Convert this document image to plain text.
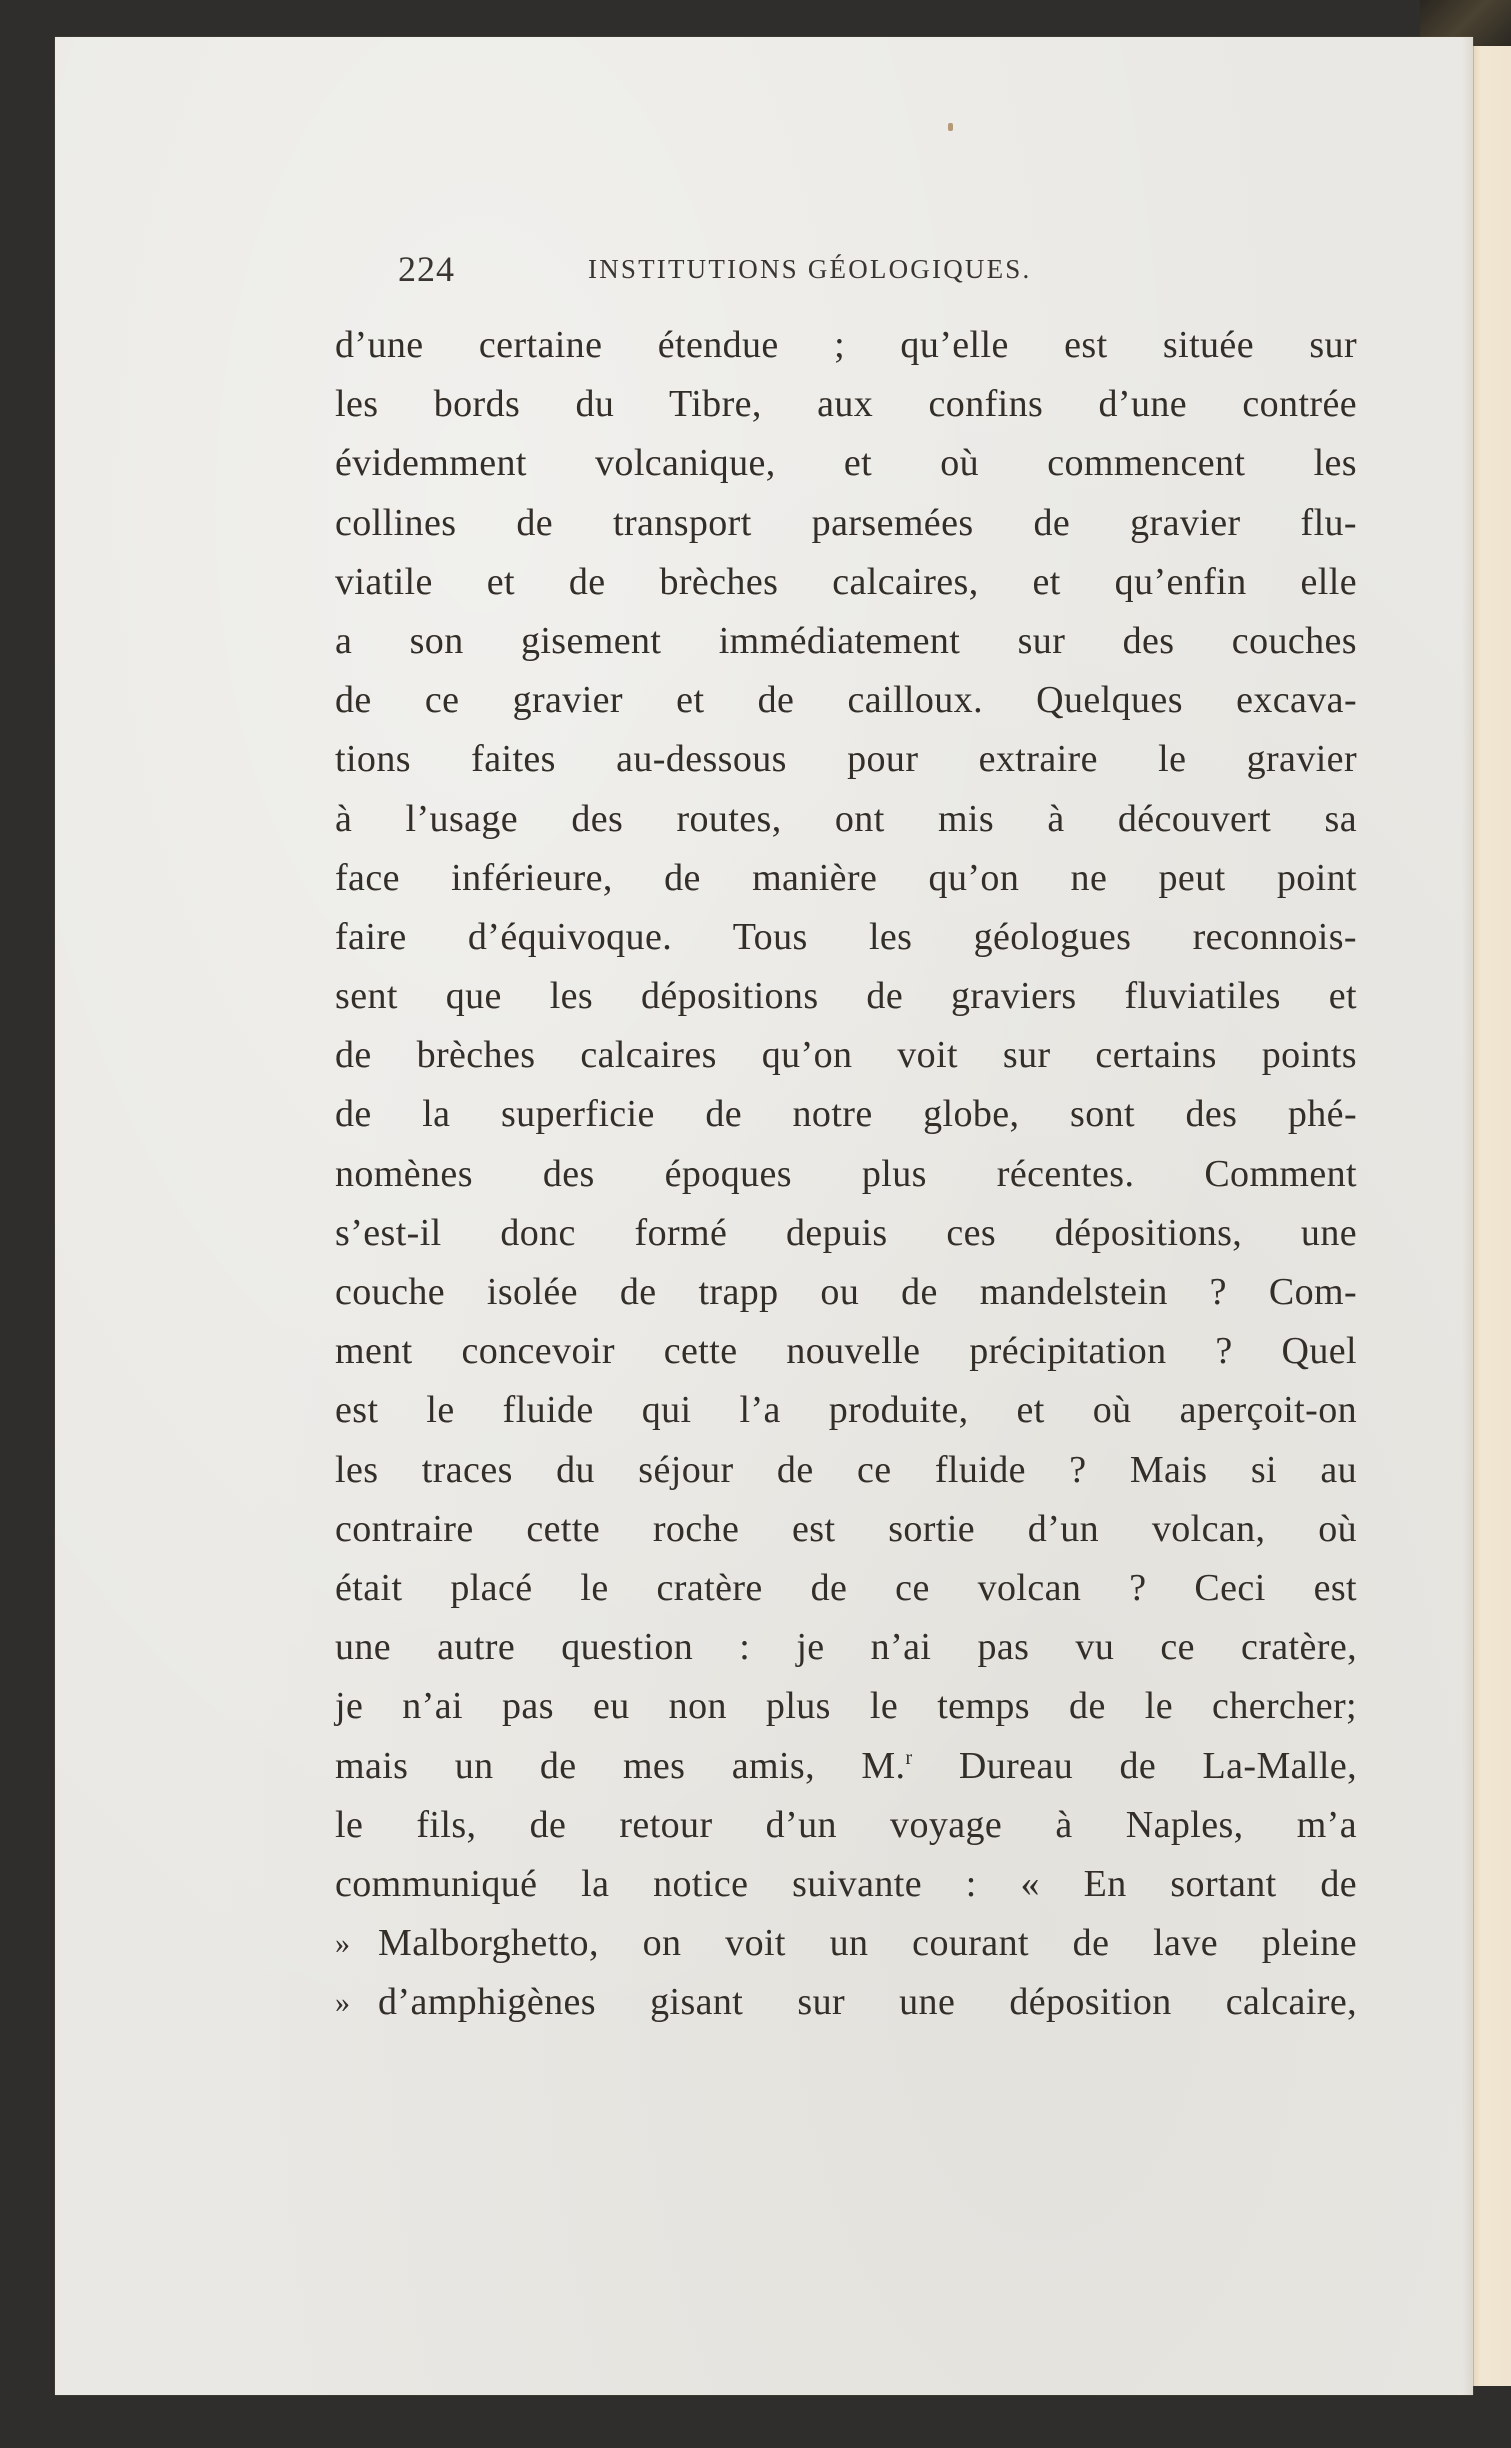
224	INSTITUTIONS GÉOLOGIQUES.
d’une certaine étendue ; qu’elle est située sur
les bords du Tibre, aux confins d’une contrée
évidemment volcanique, et où commencent les
collines de transport parsemées de gravier flu-
viatile et de brèches calcaires, et qu’enfin elle
a son gisement immédiatement sur des couches
de ce gravier et de cailloux. Quelques excava-
tions faites au-dessous pour extraire le gravier
à l’usage des routes, ont mis à découvert sa
face inférieure, de manière qu’on ne peut point
faire d’équivoque. Tous les géologues reconnois-
sent que les dépositions de graviers fluviatiles et
de brèches calcaires qu’on voit sur certains points
de la superficie de notre globe, sont des phé-
nomènes des époques plus récentes. Comment
s’est-il donc formé depuis ces dépositions, une
couche isolée de trapp ou de mandelstein ? Com-
ment concevoir cette nouvelle précipitation ? Quel
est le fluide qui l’a produite, et où aperçoit-on
les traces du séjour de ce fluide ? Mais si au
contraire cette roche est sortie d’un volcan, où
était placé le cratère de ce volcan ? Ceci est
une autre question : je n’ai pas vu ce cratère,
je n’ai pas eu non plus le temps de le chercher;
mais un de mes amis, M.$^r$ Dureau de La-Malle,
le fils, de retour d’un voyage à Naples, m’a
communiqué la notice suivante : « En sortant de
» Malborghetto, on voit un courant de lave pleine
» d’amphigènes gisant sur une déposition calcaire,
